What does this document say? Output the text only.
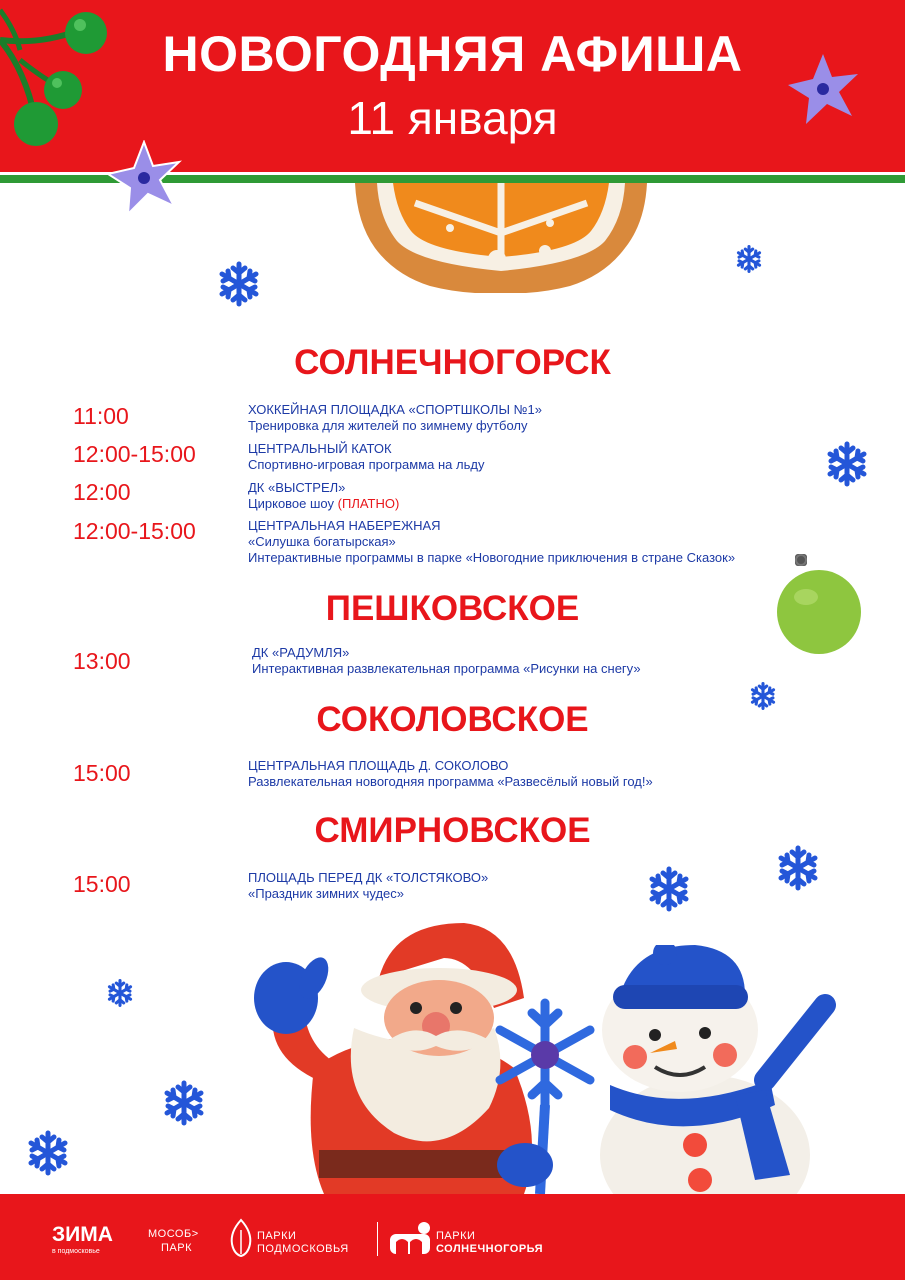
НОВОГОДНЯЯ АФИША
11 января
СОЛНЕЧНОГОРСК
11:00	ХОККЕЙНАЯ ПЛОЩАДКА «СПОРТШКОЛЫ №1»
Тренировка для жителей по зимнему футболу
12:00-15:00	ЦЕНТРАЛЬНЫЙ КАТОК
Спортивно-игровая программа на льду
12:00	ДК «ВЫСТРЕЛ»
Цирковое шоу (ПЛАТНО)
12:00-15:00	ЦЕНТРАЛЬНАЯ НАБЕРЕЖНАЯ
«Силушка богатырская»
Интерактивные программы в парке «Новогодние приключения в стране Сказок»
ПЕШКОВСКОЕ
13:00	ДК «РАДУМЛЯ»
Интерактивная развлекательная программа «Рисунки на снегу»
СОКОЛОВСКОЕ
15:00	ЦЕНТРАЛЬНАЯ ПЛОЩАДЬ Д. СОКОЛОВО
Развлекательная новогодняя программа «Развесёлый новый год!»
СМИРНОВСКОЕ
15:00	ПЛОЩАДЬ ПЕРЕД ДК «ТОЛСТЯКОВО»
«Праздник зимних чудес»
ЗИМА
в подмосковье
МОСОБ>
ПАРК
ПАРКИ
ПОДМОСКОВЬЯ
ПАРКИ
СОЛНЕЧНОГОРЬЯ
